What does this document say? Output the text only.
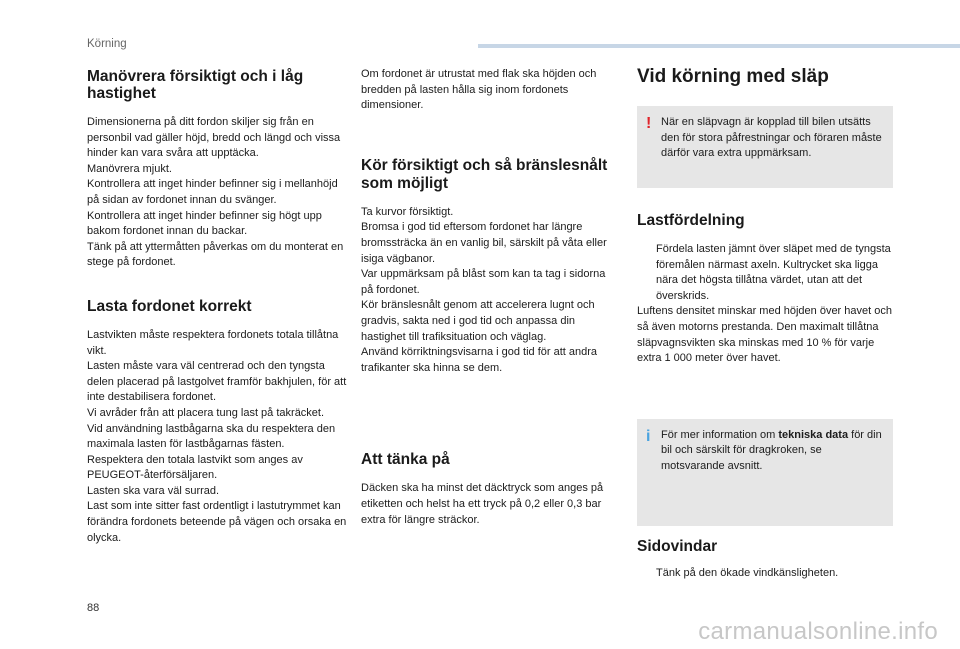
Körning
Manövrera försiktigt och i låg hastighet
Dimensionerna på ditt fordon skiljer sig från en personbil vad gäller höjd, bredd och längd och vissa hinder kan vara svåra att upptäcka.
Manövrera mjukt.
Kontrollera att inget hinder befinner sig i mellanhöjd på sidan av fordonet innan du svänger.
Kontrollera att inget hinder befinner sig högt upp bakom fordonet innan du backar.
Tänk på att yttermåtten påverkas om du monterat en stege på fordonet.
Lasta fordonet korrekt
Lastvikten måste respektera fordonets totala tillåtna vikt.
Lasten måste vara väl centrerad och den tyngsta delen placerad på lastgolvet framför bakhjulen, för att inte destabilisera fordonet.
Vi avråder från att placera tung last på takräcket.
Vid användning lastbågarna ska du respektera den maximala lasten för lastbågarnas fästen.
Respektera den totala lastvikt som anges av PEUGEOT-återförsäljaren.
Lasten ska vara väl surrad.
Last som inte sitter fast ordentligt i lastutrymmet kan förändra fordonets beteende på vägen och orsaka en olycka.
Om fordonet är utrustat med flak ska höjden och bredden på lasten hålla sig inom fordonets dimensioner.
Kör försiktigt och så bränslesnålt som möjligt
Ta kurvor försiktigt.
Bromsa i god tid eftersom fordonet har längre bromssträcka än en vanlig bil, särskilt på våta eller isiga vägbanor.
Var uppmärksam på blåst som kan ta tag i sidorna på fordonet.
Kör bränslesnålt genom att accelerera lugnt och gradvis, sakta ned i god tid och anpassa din hastighet till trafiksituation och väglag.
Använd körriktningsvisarna i god tid för att andra trafikanter ska hinna se dem.
Att tänka på
Däcken ska ha minst det däcktryck som anges på etiketten och helst ha ett tryck på 0,2 eller 0,3 bar extra för längre sträckor.
Vid körning med släp
! När en släpvagn är kopplad till bilen utsätts den för stora påfrestningar och föraren måste därför vara extra uppmärksam.
Lastfördelning
Fördela lasten jämnt över släpet med de tyngsta föremålen närmast axeln. Kultrycket ska ligga nära det högsta tillåtna värdet, utan att det överskrids.
Luftens densitet minskar med höjden över havet och så även motorns prestanda. Den maximalt tillåtna släpvagnsvikten ska minskas med 10 % för varje extra 1 000 meter över havet.
i För mer information om tekniska data för din bil och särskilt för dragkroken, se motsvarande avsnitt.
Sidovindar
Tänk på den ökade vindkänsligheten.
88
carmanualsonline.info
